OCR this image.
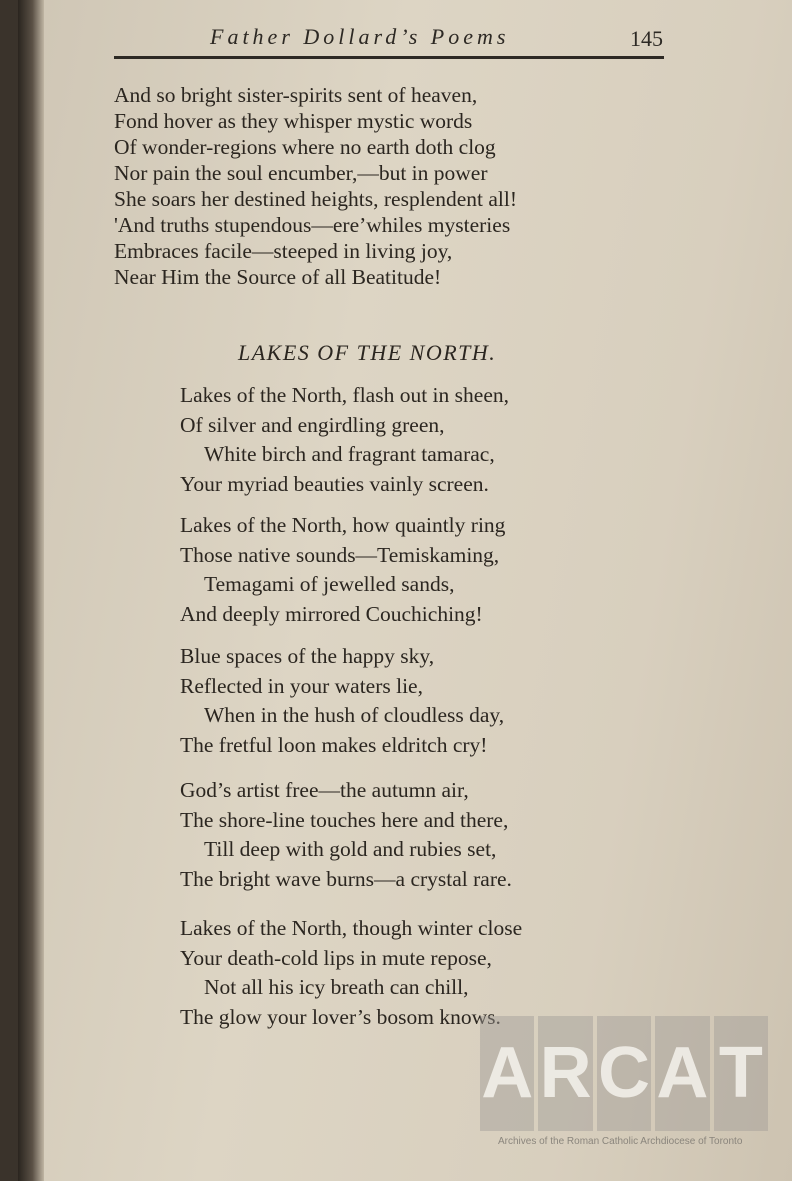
Father Dollard’s Poems	145
And so bright sister-spirits sent of heaven,
Fond hover as they whisper mystic words
Of wonder-regions where no earth doth clog
Nor pain the soul encumber,—but in power
She soars her destined heights, resplendent all!
'And truths stupendous—ere’whiles mysteries
Embraces facile—steeped in living joy,
Near Him the Source of all Beatitude!
LAKES OF THE NORTH.
Lakes of the North, flash out in sheen,
Of silver and engirdling green,
White birch and fragrant tamarac,
Your myriad beauties vainly screen.
Lakes of the North, how quaintly ring
Those native sounds—Temiskaming,
Temagami of jewelled sands,
And deeply mirrored Couchiching!
Blue spaces of the happy sky,
Reflected in your waters lie,
When in the hush of cloudless day,
The fretful loon makes eldritch cry!
God’s artist free—the autumn air,
The shore-line touches here and there,
Till deep with gold and rubies set,
The bright wave burns—a crystal rare.
Lakes of the North, though winter close
Your death-cold lips in mute repose,
Not all his icy breath can chill,
The glow your lover’s bosom knows.
A R C A T
Archives of the Roman Catholic Archdiocese of Toronto
